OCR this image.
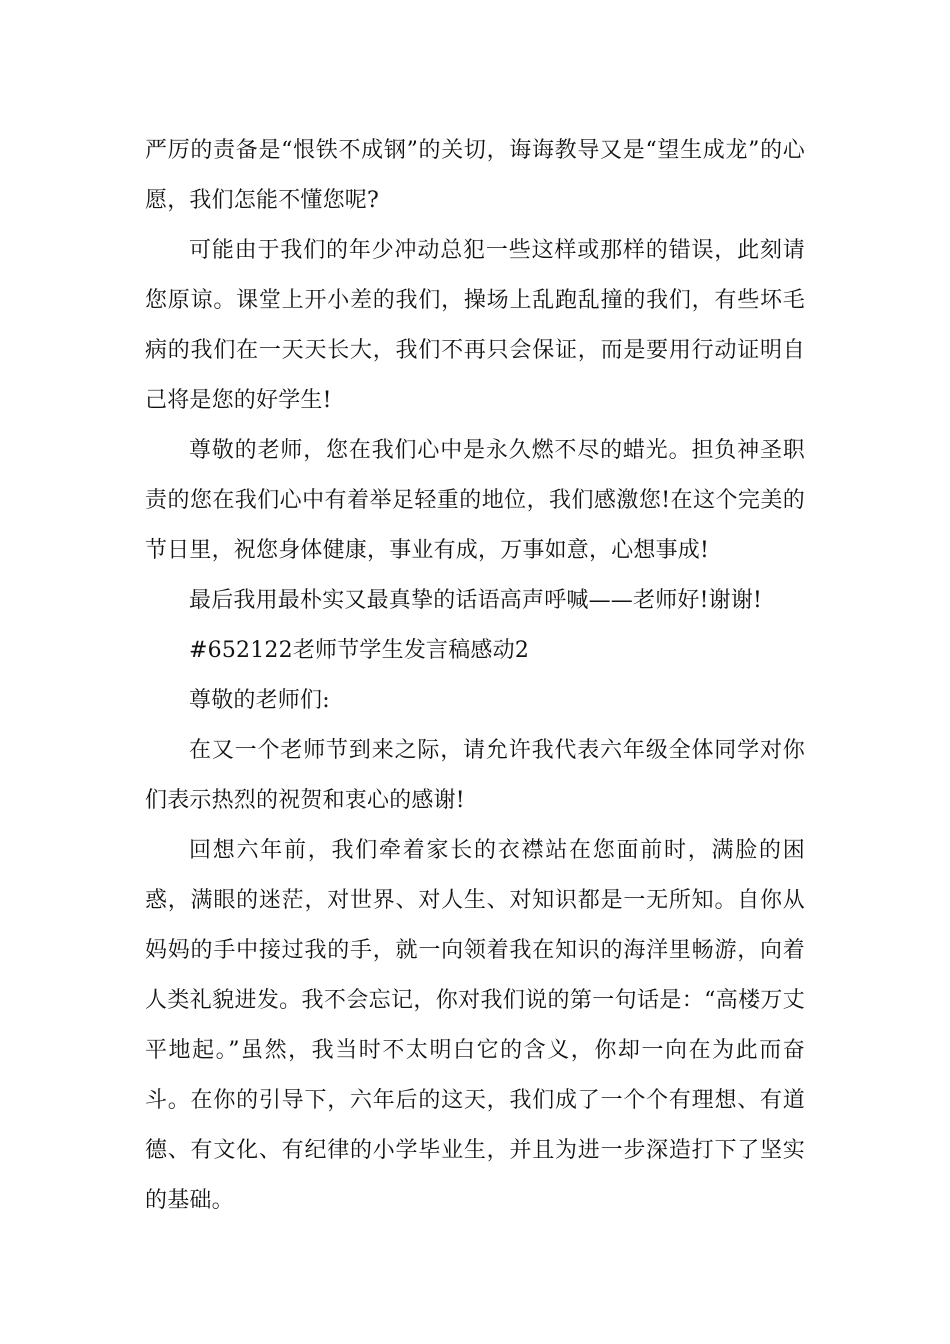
严厉的责备是“恨铁不成钢”的关切，诲诲教导又是“望生成龙”的心愿，我们怎能不懂您呢?

可能由于我们的年少冲动总犯一些这样或那样的错误，此刻请您原谅。课堂上开小差的我们，操场上乱跑乱撞的我们，有些坏毛病的我们在一天天长大，我们不再只会保证，而是要用行动证明自己将是您的好学生!

尊敬的老师，您在我们心中是永久燃不尽的蜡光。担负神圣职责的您在我们心中有着举足轻重的地位，我们感激您!在这个完美的节日里，祝您身体健康，事业有成，万事如意，心想事成!

最后我用最朴实又最真挚的话语高声呼喊——老师好!谢谢!

#652122老师节学生发言稿感动2

尊敬的老师们:

在又一个老师节到来之际，请允许我代表六年级全体同学对你们表示热烈的祝贺和衷心的感谢!

回想六年前，我们牵着家长的衣襟站在您面前时，满脸的困惑，满眼的迷茫，对世界、对人生、对知识都是一无所知。自你从妈妈的手中接过我的手，就一向领着我在知识的海洋里畅游，向着人类礼貌进发。我不会忘记，你对我们说的第一句话是：“高楼万丈平地起。”虽然，我当时不太明白它的含义，你却一向在为此而奋斗。在你的引导下，六年后的这天，我们成了一个个有理想、有道德、有文化、有纪律的小学毕业生，并且为进一步深造打下了坚实的基础。
